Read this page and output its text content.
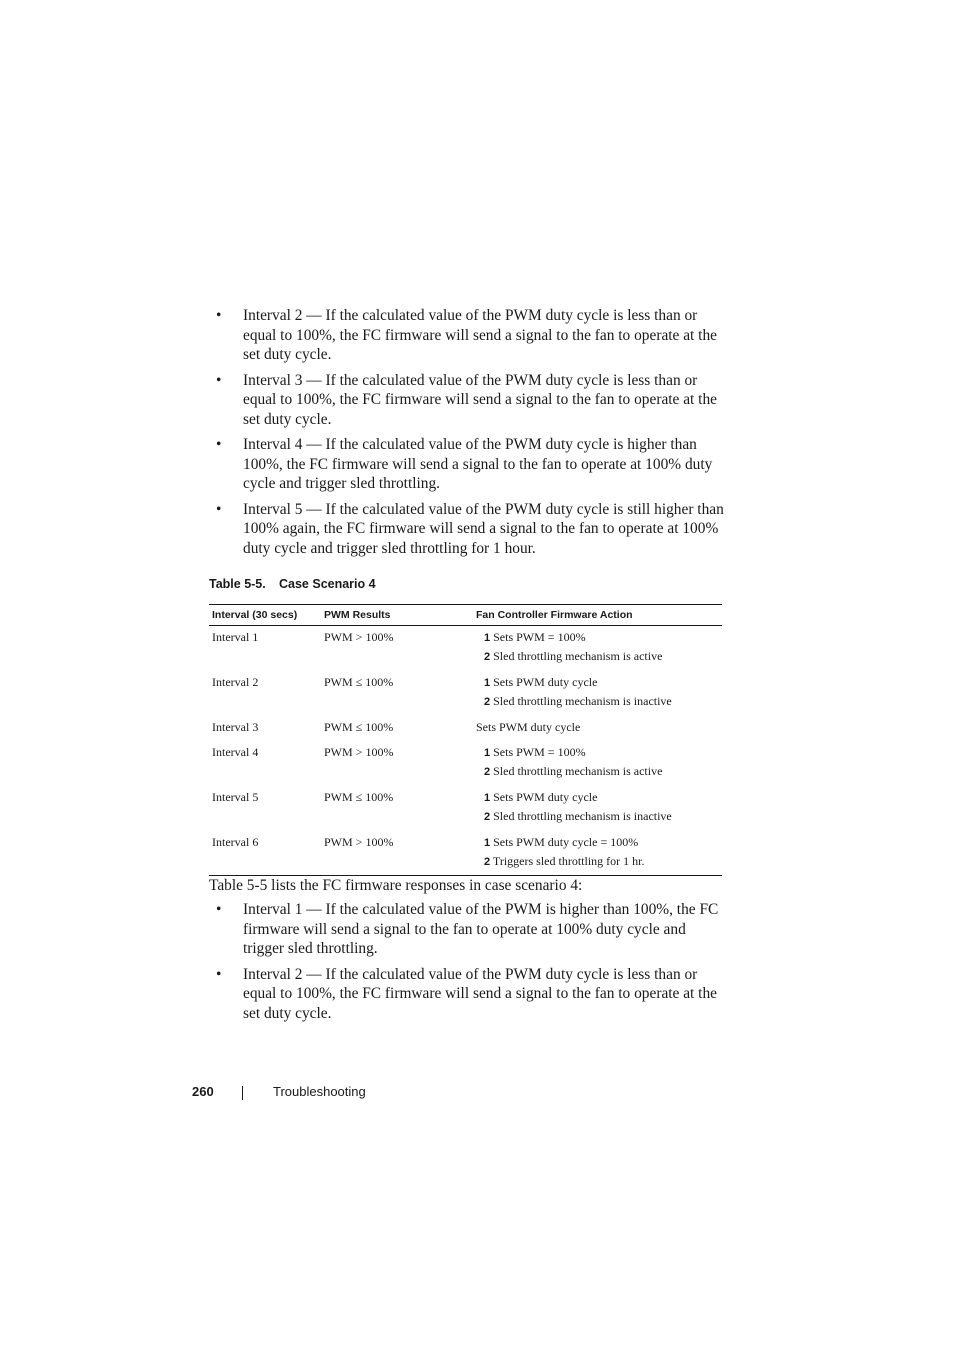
• Interval 2 — If the calculated value of the PWM duty cycle is less than or equal to 100%, the FC firmware will send a signal to the fan to operate at the set duty cycle.
• Interval 3 — If the calculated value of the PWM duty cycle is less than or equal to 100%, the FC firmware will send a signal to the fan to operate at the set duty cycle.
• Interval 4 — If the calculated value of the PWM duty cycle is higher than 100%, the FC firmware will send a signal to the fan to operate at 100% duty cycle and trigger sled throttling.
• Interval 5 — If the calculated value of the PWM duty cycle is still higher than 100% again, the FC firmware will send a signal to the fan to operate at 100% duty cycle and trigger sled throttling for 1 hour.
Table 5-5. Case Scenario 4
Interval (30 secs)	PWM Results	Fan Controller Firmware Action
Interval 1	PWM > 100%	1 Sets PWM = 100%
2 Sled throttling mechanism is active

Interval 2	PWM ≤ 100%	1 Sets PWM duty cycle
2 Sled throttling mechanism is inactive

Interval 3	PWM ≤ 100%	Sets PWM duty cycle
Interval 4	PWM > 100%	1 Sets PWM = 100%
2 Sled throttling mechanism is active

Interval 5	PWM ≤ 100%	1 Sets PWM duty cycle
2 Sled throttling mechanism is inactive

Interval 6	PWM > 100%	1 Sets PWM duty cycle = 100%
2 Triggers sled throttling for 1 hr.
Table 5-5 lists the FC firmware responses in case scenario 4:
• Interval 1 — If the calculated value of the PWM is higher than 100%, the FC firmware will send a signal to the fan to operate at 100% duty cycle and trigger sled throttling.
• Interval 2 — If the calculated value of the PWM duty cycle is less than or equal to 100%, the FC firmware will send a signal to the fan to operate at the set duty cycle.
260	Troubleshooting
